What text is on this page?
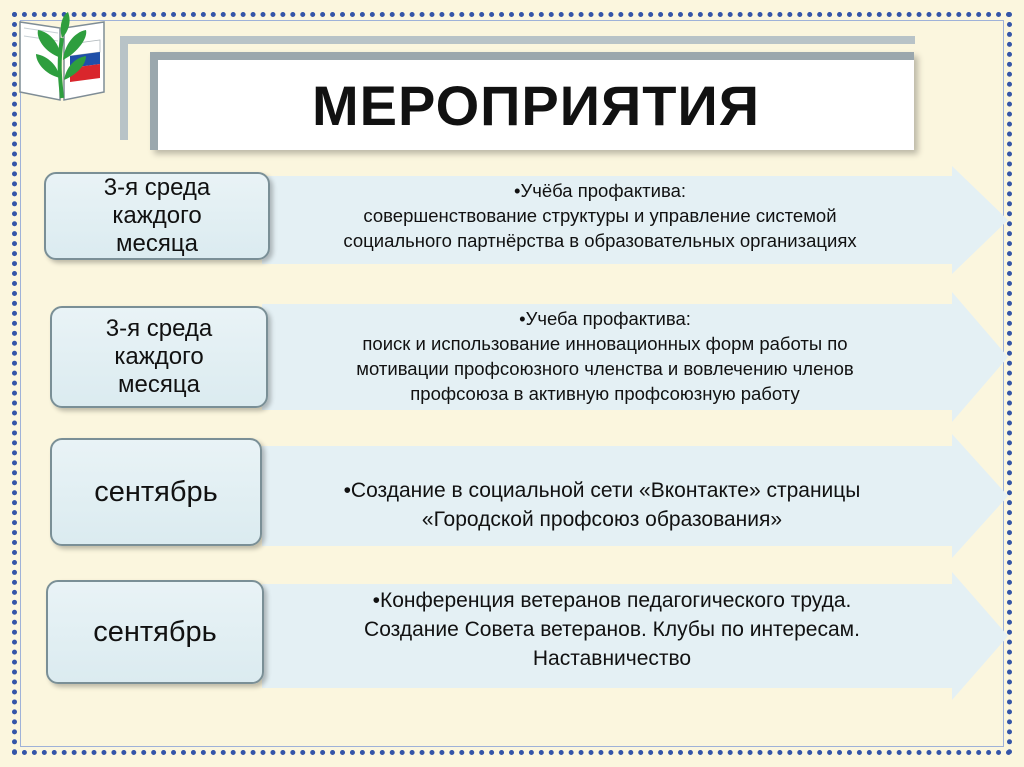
МЕРОПРИЯТИЯ
3-я среда
каждого
месяца
•Учёба профактива:
совершенствование структуры и управление системой
социального партнёрства в образовательных организациях
3-я среда
каждого
месяца
•Учеба профактива:
поиск и использование инновационных форм работы по
мотивации профсоюзного членства и вовлечению членов
профсоюза в активную профсоюзную работу
сентябрь	•Создание в социальной сети «Вконтакте» страницы
«Городской профсоюз образования»
сентябрь
•Конференция ветеранов педагогического труда.
Создание Совета ветеранов. Клубы по интересам.
Наставничество
